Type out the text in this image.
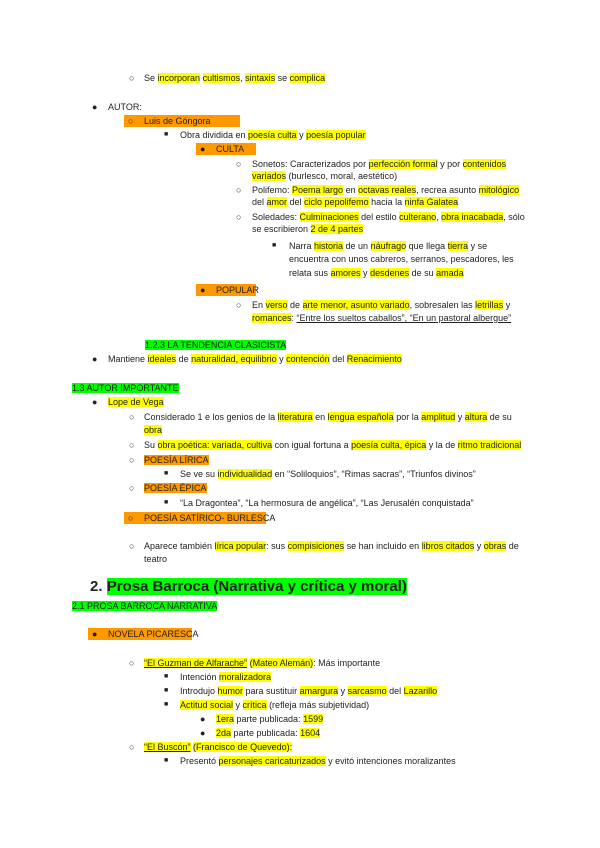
○ Se incorporan cultismos, sintaxis se complica
● AUTOR:
○	Luis de Góngora
■ Obra dividida en poesía culta y poesía popular
●	CULTA
○ Sonetos: Caracterizados por perfección formal y por contenidos
variados (burlesco, moral, aestético)
○ Polifemo: Poema largo en octavas reales, recrea asunto mitológico
del amor del ciclo pepolifemo hacia la ninfa Galatea
○ Soledades: Culminaciones del estilo culterano, obra inacabada, sólo
se escribieron 2 de 4 partes
■ Narra historia de un náufrago que llega tierra y se
encuentra con unos cabreros, serranos, pescadores, les
relata sus amores y desdenes de su amada
●	POPULAR
○ En verso de arte menor, asunto variado, sobresalen las letrillas y
romances: “Entre los sueltos caballos”, “En un pastoral albergue”
1.2.3 LA TENDENCIA CLASICISTA
● Mantiene ideales de naturalidad, equilibrio y contención del Renacimiento
1.3 AUTOR IMPORTANTE
● Lope de Vega
○ Considerado 1 e los genios de la literatura en lengua española por la amplitud y altura de su
obra
○ Su obra poética: variada, cultiva con igual fortuna a poesía culta, épica y la de ritmo tradicional
○ POESÍA LÍRICA
■ Se ve su individualidad en “Soliloquios”, “Rimas sacras”, “Triunfos divinos”
○ POESÍA ÉPICA
■ “La Dragontea”, “La hermosura de angélica”, “Las Jerusalén conquistada”
○	POESÍA SATÍRICO- BURLESCA
○ Aparece también lírica popular: sus compisiciones se han incluido en libros citados y obras de
teatro
2. Prosa Barroca (Narrativa y crítica y moral)
2.1 PROSA BARROCA NARRATIVA
●	NOVELA PICARESCA
○ “El Guzman de Alfarache” (Mateo Alemán): Más importante
■ Intención moralizadora
■ Introdujo humor para sustituir amargura y sarcasmo del Lazarillo
■ Actitud social y crítica (refleja más subjetividad)
● 1era parte publicada: 1599
● 2da parte publicada: 1604
○ “El Buscón” (Francisco de Quevedo):
■ Presentó personajes caricaturizados y evitó intenciones moralizantes
